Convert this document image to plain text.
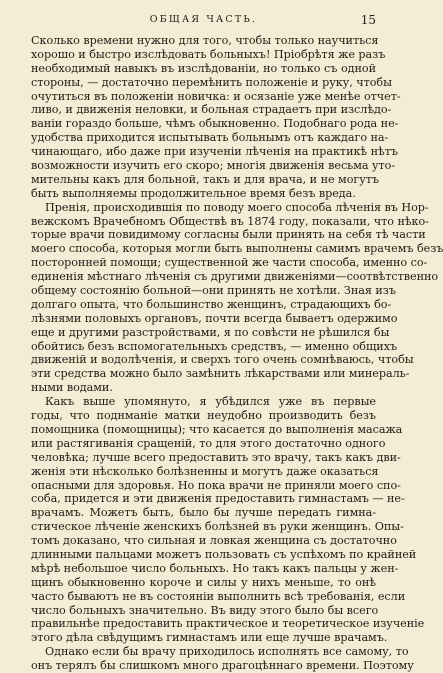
ОБЩАЯ ЧАСТЬ.	15
Сколько времени нужно для того, чтобы только научиться
хорошо и быстро изслѣдовать больныхъ! Пріобрѣтя же разъ
необходимый навыкъ въ изслѣдованіи, но только съ одной
стороны, — достаточно перемѣнить положеніе и руку, чтобы
очутиться въ положеніи новичка: и осязаніе уже менѣе отчет-
ливо, и движенія неловки, и больная страдаетъ при изслѣдо-
ваніи гораздо больше, чѣмъ обыкновенно. Подобнаго рода не-
удобства приходится испытывать больнымъ отъ каждаго на-
чинающаго, ибо даже при изученіи лѣченія на практикѣ нѣтъ
возможности изучить его скоро; многія движенія весьма уто-
мительны какъ для больной, такъ и для врача, и не могутъ
быть выполняемы продолжительное время безъ вреда.
Пренія, происходившія по поводу моего способа лѣченія въ Нор-
вежскомъ Врачебномъ Обществѣ въ 1874 году, показали, что нѣко-
торые врачи повидимому согласны были принять на себя тѣ части
моего способа, которыя могли быть выполнены самимъ врачемъ безъ
посторонней помощи; существенной же части способа, именно со-
единенія мѣстнаго лѣченія съ другими движеніями—соотвѣтственно
общему состоянію больной—они принять не хотѣли. Зная изъ
долгаго опыта, что большинство женщинъ, страдающихъ бо-
лѣзнями половыхъ органовъ, почти всегда бываетъ одержимо
еще и другими разстройствами, я по совѣсти не рѣшился бы
обойтись безъ вспомогательныхъ средствъ, — именно общихъ
движеній и водолѣченія, и сверхъ того очень сомнѣваюсь, чтобы
эти средства можно было замѣнить лѣкарствами или минераль-
ными водами.
Какъ выше упомянуто, я убѣдился уже въ первые
годы, что поднманіе матки неудобно производить безъ
помощника (помощницы); что касается до выполненія масажа
или растягиванія сращеній, то для этого достаточно одного
человѣка; лучше всего предоставить это врачу, такъ какъ дви-
женія эти нѣсколько болѣзненны и могутъ даже оказаться
опасными для здоровья. Но пока врачи не приняли моего спо-
соба, придется и эти движенія предоставить гимнастамъ — не-
врачамъ. Можетъ быть, было бы лучше передать гимна-
стическое лѣченіе женскихъ болѣзней въ руки женщинъ. Опы-
томъ доказано, что сильная и ловкая женщина съ достаточно
длинными пальцами можетъ пользовать съ успѣхомъ по крайней
мѣрѣ небольшое число больныхъ. Но такъ какъ пальцы у жен-
щинъ обыкновенно короче и силы у нихъ меньше, то онѣ
часто бываютъ не въ состояніи выполнить всѣ требованія, если
число больныхъ значительно. Въ виду этого было бы всего
правильнѣе предоставить практическое и теоретическое изученіе
этого дѣла свѣдущимъ гимнастамъ или еще лучше врачамъ.
Однако если бы врачу приходилось исполнять все самому, то
онъ терялъ бы слишкомъ много драгоцѣннаго времени. Поэтому
